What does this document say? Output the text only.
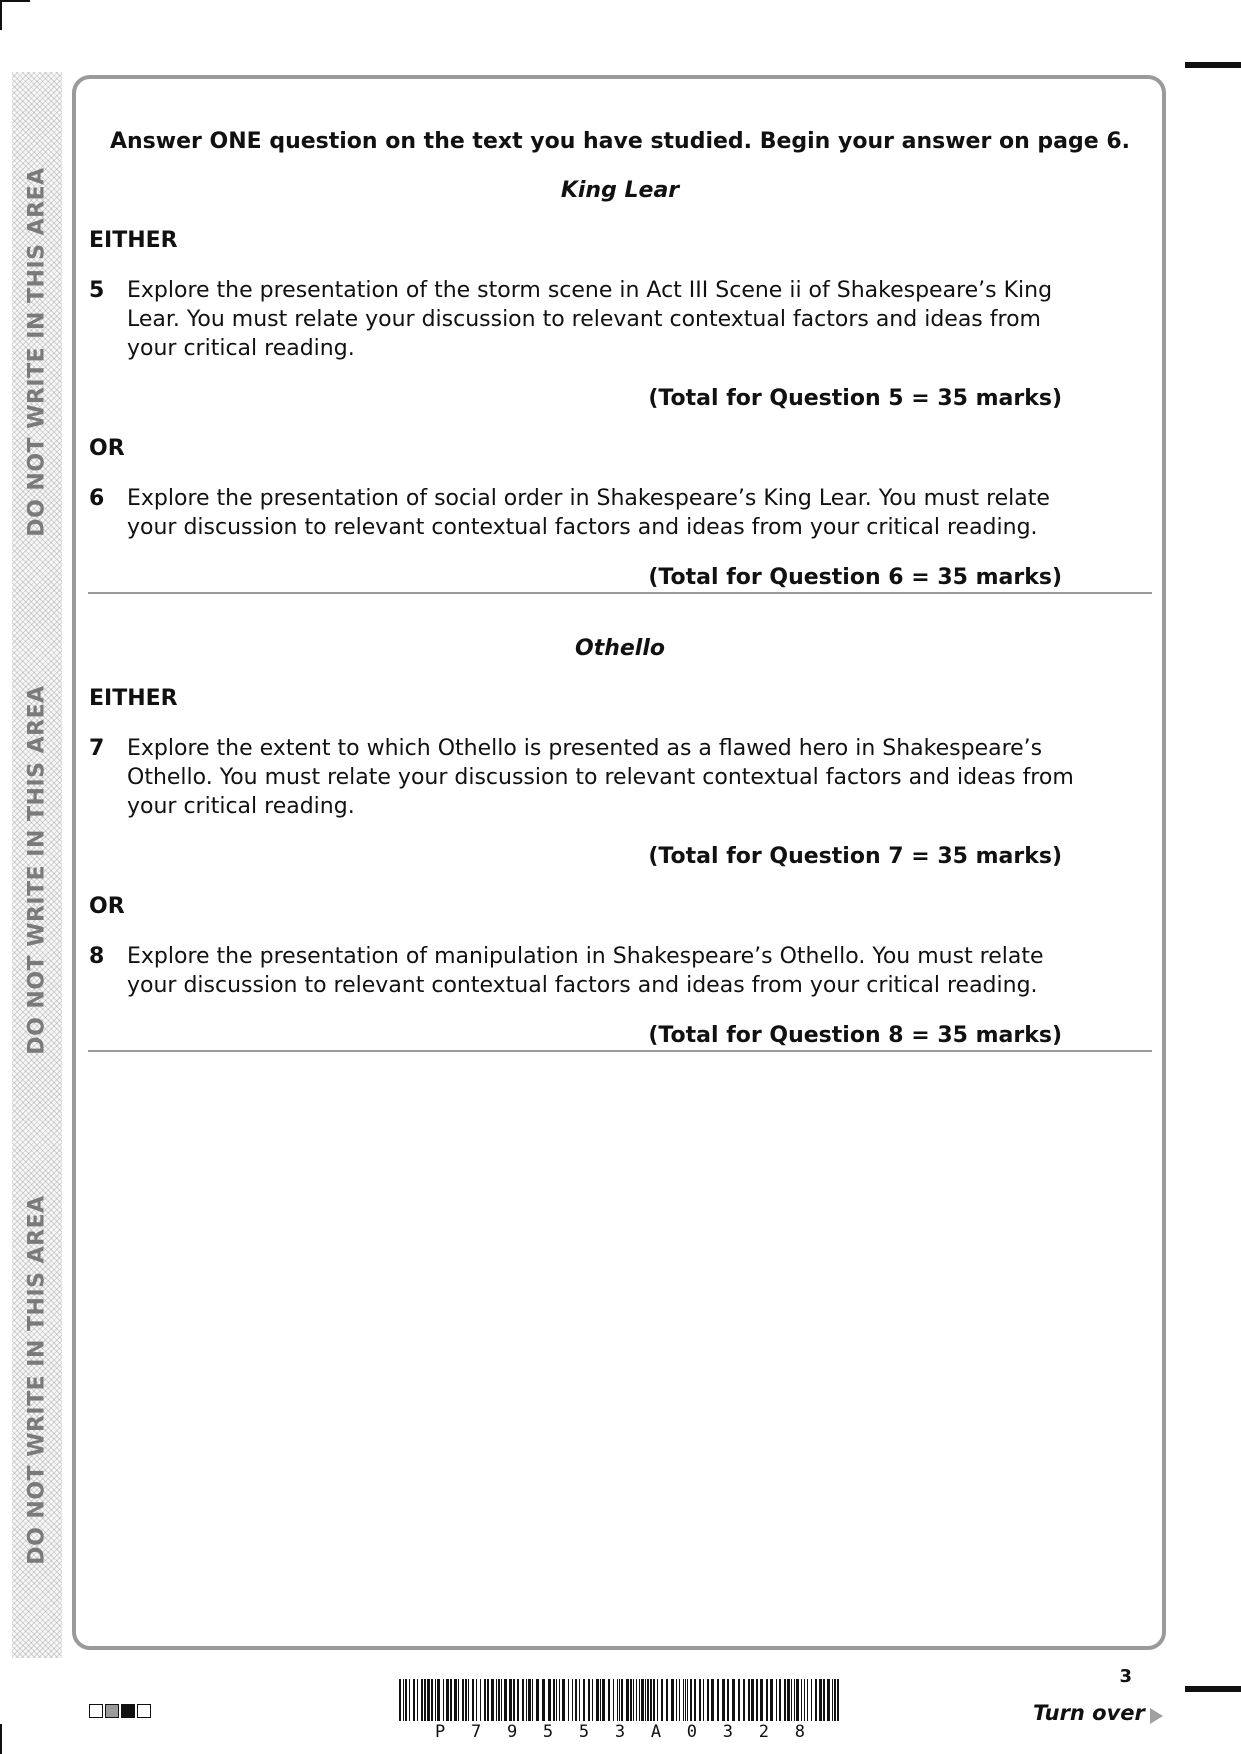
DO NOT WRITE IN THIS AREA
DO NOT WRITE IN THIS AREA
DO NOT WRITE IN THIS AREA
Answer ONE question on the text you have studied. Begin your answer on page 6.
King Lear
EITHER
5 Explore the presentation of the storm scene in Act III Scene ii of Shakespeare’s King
Lear. You must relate your discussion to relevant contextual factors and ideas from
your critical reading.
(Total for Question 5 = 35 marks)
OR
6 Explore the presentation of social order in Shakespeare’s King Lear. You must relate
your discussion to relevant contextual factors and ideas from your critical reading.
(Total for Question 6 = 35 marks)
Othello
EITHER
7 Explore the extent to which Othello is presented as a flawed hero in Shakespeare’s
Othello. You must relate your discussion to relevant contextual factors and ideas from
your critical reading.
(Total for Question 7 = 35 marks)
OR
8 Explore the presentation of manipulation in Shakespeare’s Othello. You must relate
your discussion to relevant contextual factors and ideas from your critical reading.
(Total for Question 8 = 35 marks)
P 7 9 5 5 3 A 0 3 2 8
3
Turn over
